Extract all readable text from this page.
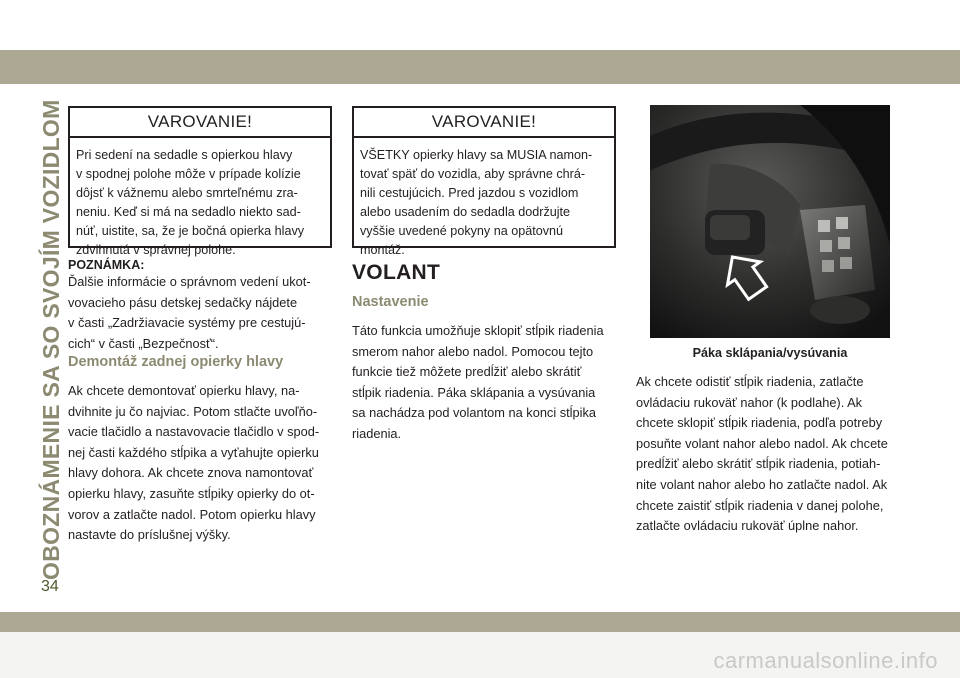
OBOZNÁMENIE SA SO SVOJÍM VOZIDLOM
34
VAROVANIE!
Pri sedení na sedadle s opierkou hlavy
v spodnej polohe môže v prípade kolízie
dôjsť k vážnemu alebo smrteľnému zra-
neniu. Keď si má na sedadlo niekto sad-
núť, uistite, sa, že je bočná opierka hlavy
zdvihnutá v správnej polohe.
POZNÁMKA:
Ďalšie informácie o správnom vedení ukot-
vovacieho pásu detskej sedačky nájdete
v časti „Zadržiavacie systémy pre cestujú-
cich“ v časti „Bezpečnosť“.
Demontáž zadnej opierky hlavy
Ak chcete demontovať opierku hlavy, na-
dvihnite ju čo najviac. Potom stlačte uvoľňo-
vacie tlačidlo a nastavovacie tlačidlo v spod-
nej časti každého stĺpika a vyťahujte opierku
hlavy dohora. Ak chcete znova namontovať
opierku hlavy, zasuňte stĺpiky opierky do ot-
vorov a zatlačte nadol. Potom opierku hlavy
nastavte do príslušnej výšky.
VAROVANIE!
VŠETKY opierky hlavy sa MUSIA namon-
tovať späť do vozidla, aby správne chrá-
nili cestujúcich. Pred jazdou s vozidlom
alebo usadením do sedadla dodržujte
vyššie uvedené pokyny na opätovnú
montáž.
VOLANT
Nastavenie
Táto funkcia umožňuje sklopiť stĺpik riadenia
smerom nahor alebo nadol. Pomocou tejto
funkcie tiež môžete predĺžiť alebo skrátiť
stĺpik riadenia. Páka sklápania a vysúvania
sa nachádza pod volantom na konci stĺpika
riadenia.
Páka sklápania/vysúvania
Ak chcete odistiť stĺpik riadenia, zatlačte
ovládaciu rukoväť nahor (k podlahe). Ak
chcete sklopiť stĺpik riadenia, podľa potreby
posuňte volant nahor alebo nadol. Ak chcete
predĺžiť alebo skrátiť stĺpik riadenia, potiah-
nite volant nahor alebo ho zatlačte nadol. Ak
chcete zaistiť stĺpik riadenia v danej polohe,
zatlačte ovládaciu rukoväť úplne nahor.
carmanualsonline.info
